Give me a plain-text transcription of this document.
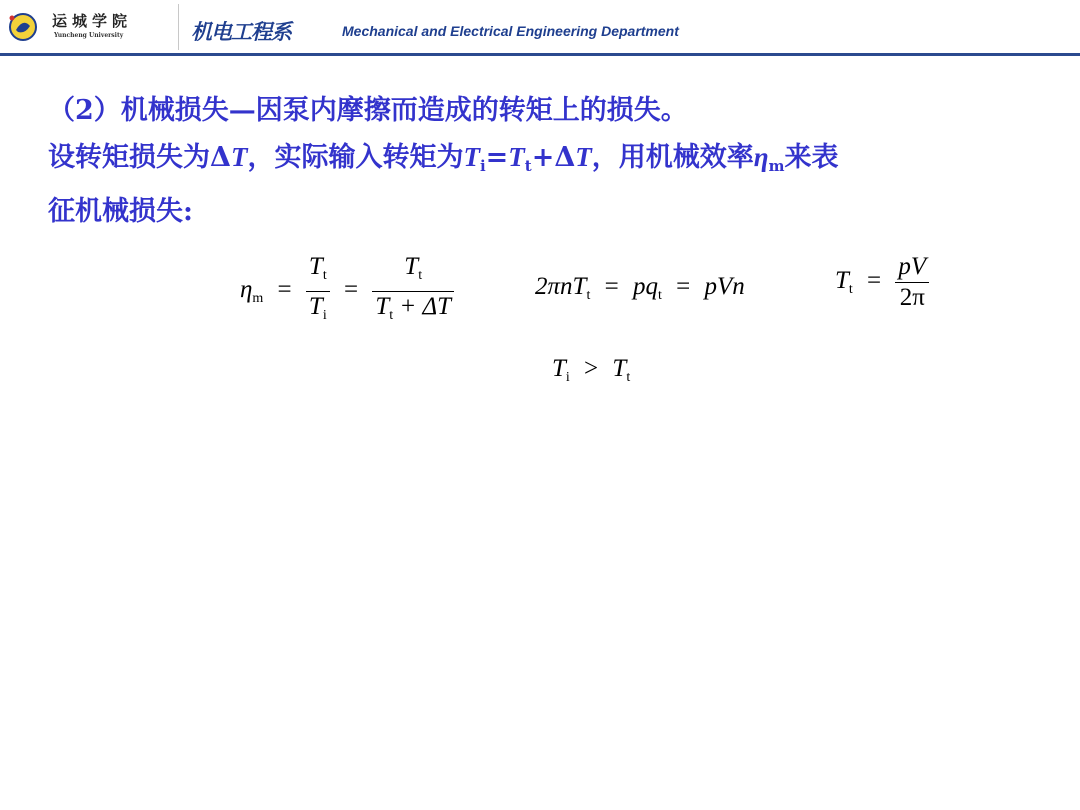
运城学院
Yuncheng University	机电工程系	Mechanical and Electrical Engineering Department
（2）机械损失—因泵内摩擦而造成的转矩上的损失。
设转矩损失为ΔT，实际输入转矩为$T_i=T_t+\Delta T$，用机械效率$\eta_m$来表
征机械损失:
$\eta_m = \frac{T_t}{T_i} = \frac{T_t}{T_t + \Delta T}$	$2\pi nT_t = pq_t$ = pVn	$T_t = \frac{pV}{2\pi}$
$T_i > T_t$
